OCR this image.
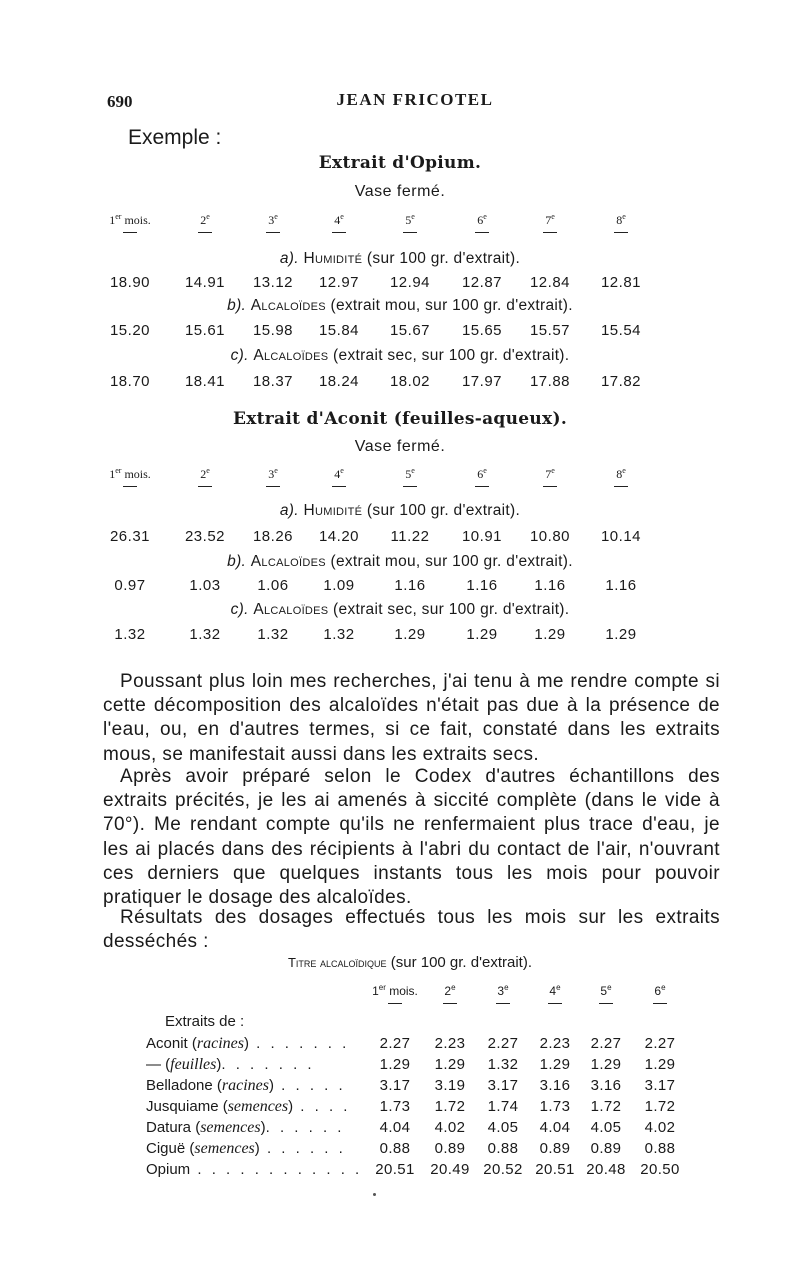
690	JEAN FRICOTEL
Exemple :
Extrait d'Opium.
Vase fermé.
1er mois.	2e	3e	4e	5e	6e	7e	8e
a). Humidité (sur 100 gr. d'extrait).
18.90	14.91	13.12	12.97	12.94	12.87	12.84	12.81
b). Alcaloïdes (extrait mou, sur 100 gr. d'extrait).
15.20	15.61	15.98	15.84	15.67	15.65	15.57	15.54
c). Alcaloïdes (extrait sec, sur 100 gr. d'extrait).
18.70	18.41	18.37	18.24	18.02	17.97	17.88	17.82
Extrait d'Aconit (feuilles-aqueux).
Vase fermé.
1er mois.	2e	3e	4e	5e	6e	7e	8e
a). Humidité (sur 100 gr. d'extrait).
26.31	23.52	18.26	14.20	11.22	10.91	10.80	10.14
b). Alcaloïdes (extrait mou, sur 100 gr. d'extrait).
0.97	1.03	1.06	1.09	1.16	1.16	1.16	1.16
c). Alcaloïdes (extrait sec, sur 100 gr. d'extrait).
1.32	1.32	1.32	1.32	1.29	1.29	1.29	1.29
Poussant plus loin mes recherches, j'ai tenu à me rendre compte si cette décomposition des alcaloïdes n'était pas due à la présence de l'eau, ou, en d'autres termes, si ce fait, constaté dans les extraits mous, se manifestait aussi dans les extraits secs.
Après avoir préparé selon le Codex d'autres échantillons des extraits précités, je les ai amenés à siccité complète (dans le vide à 70°). Me rendant compte qu'ils ne renfermaient plus trace d'eau, je les ai placés dans des récipients à l'abri du contact de l'air, n'ouvrant ces derniers que quelques instants tous les mois pour pouvoir pratiquer le dosage des alcaloïdes.
Résultats des dosages effectués tous les mois sur les extraits desséchés :
Titre alcaloïdique (sur 100 gr. d'extrait).
1er mois.	2e	3e	4e	5e	6e
Extraits de :
Aconit (racines) . . . . . . .	2.27	2.23	2.27	2.23	2.27	2.27
— (feuilles). . . . . . .	1.29	1.29	1.32	1.29	1.29	1.29
Belladone (racines) . . . . .	3.17	3.19	3.17	3.16	3.16	3.17
Jusquiame (semences) . . . .	1.73	1.72	1.74	1.73	1.72	1.72
Datura (semences). . . . . .	4.04	4.02	4.05	4.04	4.05	4.02
Ciguë (semences) . . . . . .	0.88	0.89	0.88	0.89	0.89	0.88
Opium . . . . . . . . . . . . 20.51	20.49 20.52 20.51 20.48 20.50
